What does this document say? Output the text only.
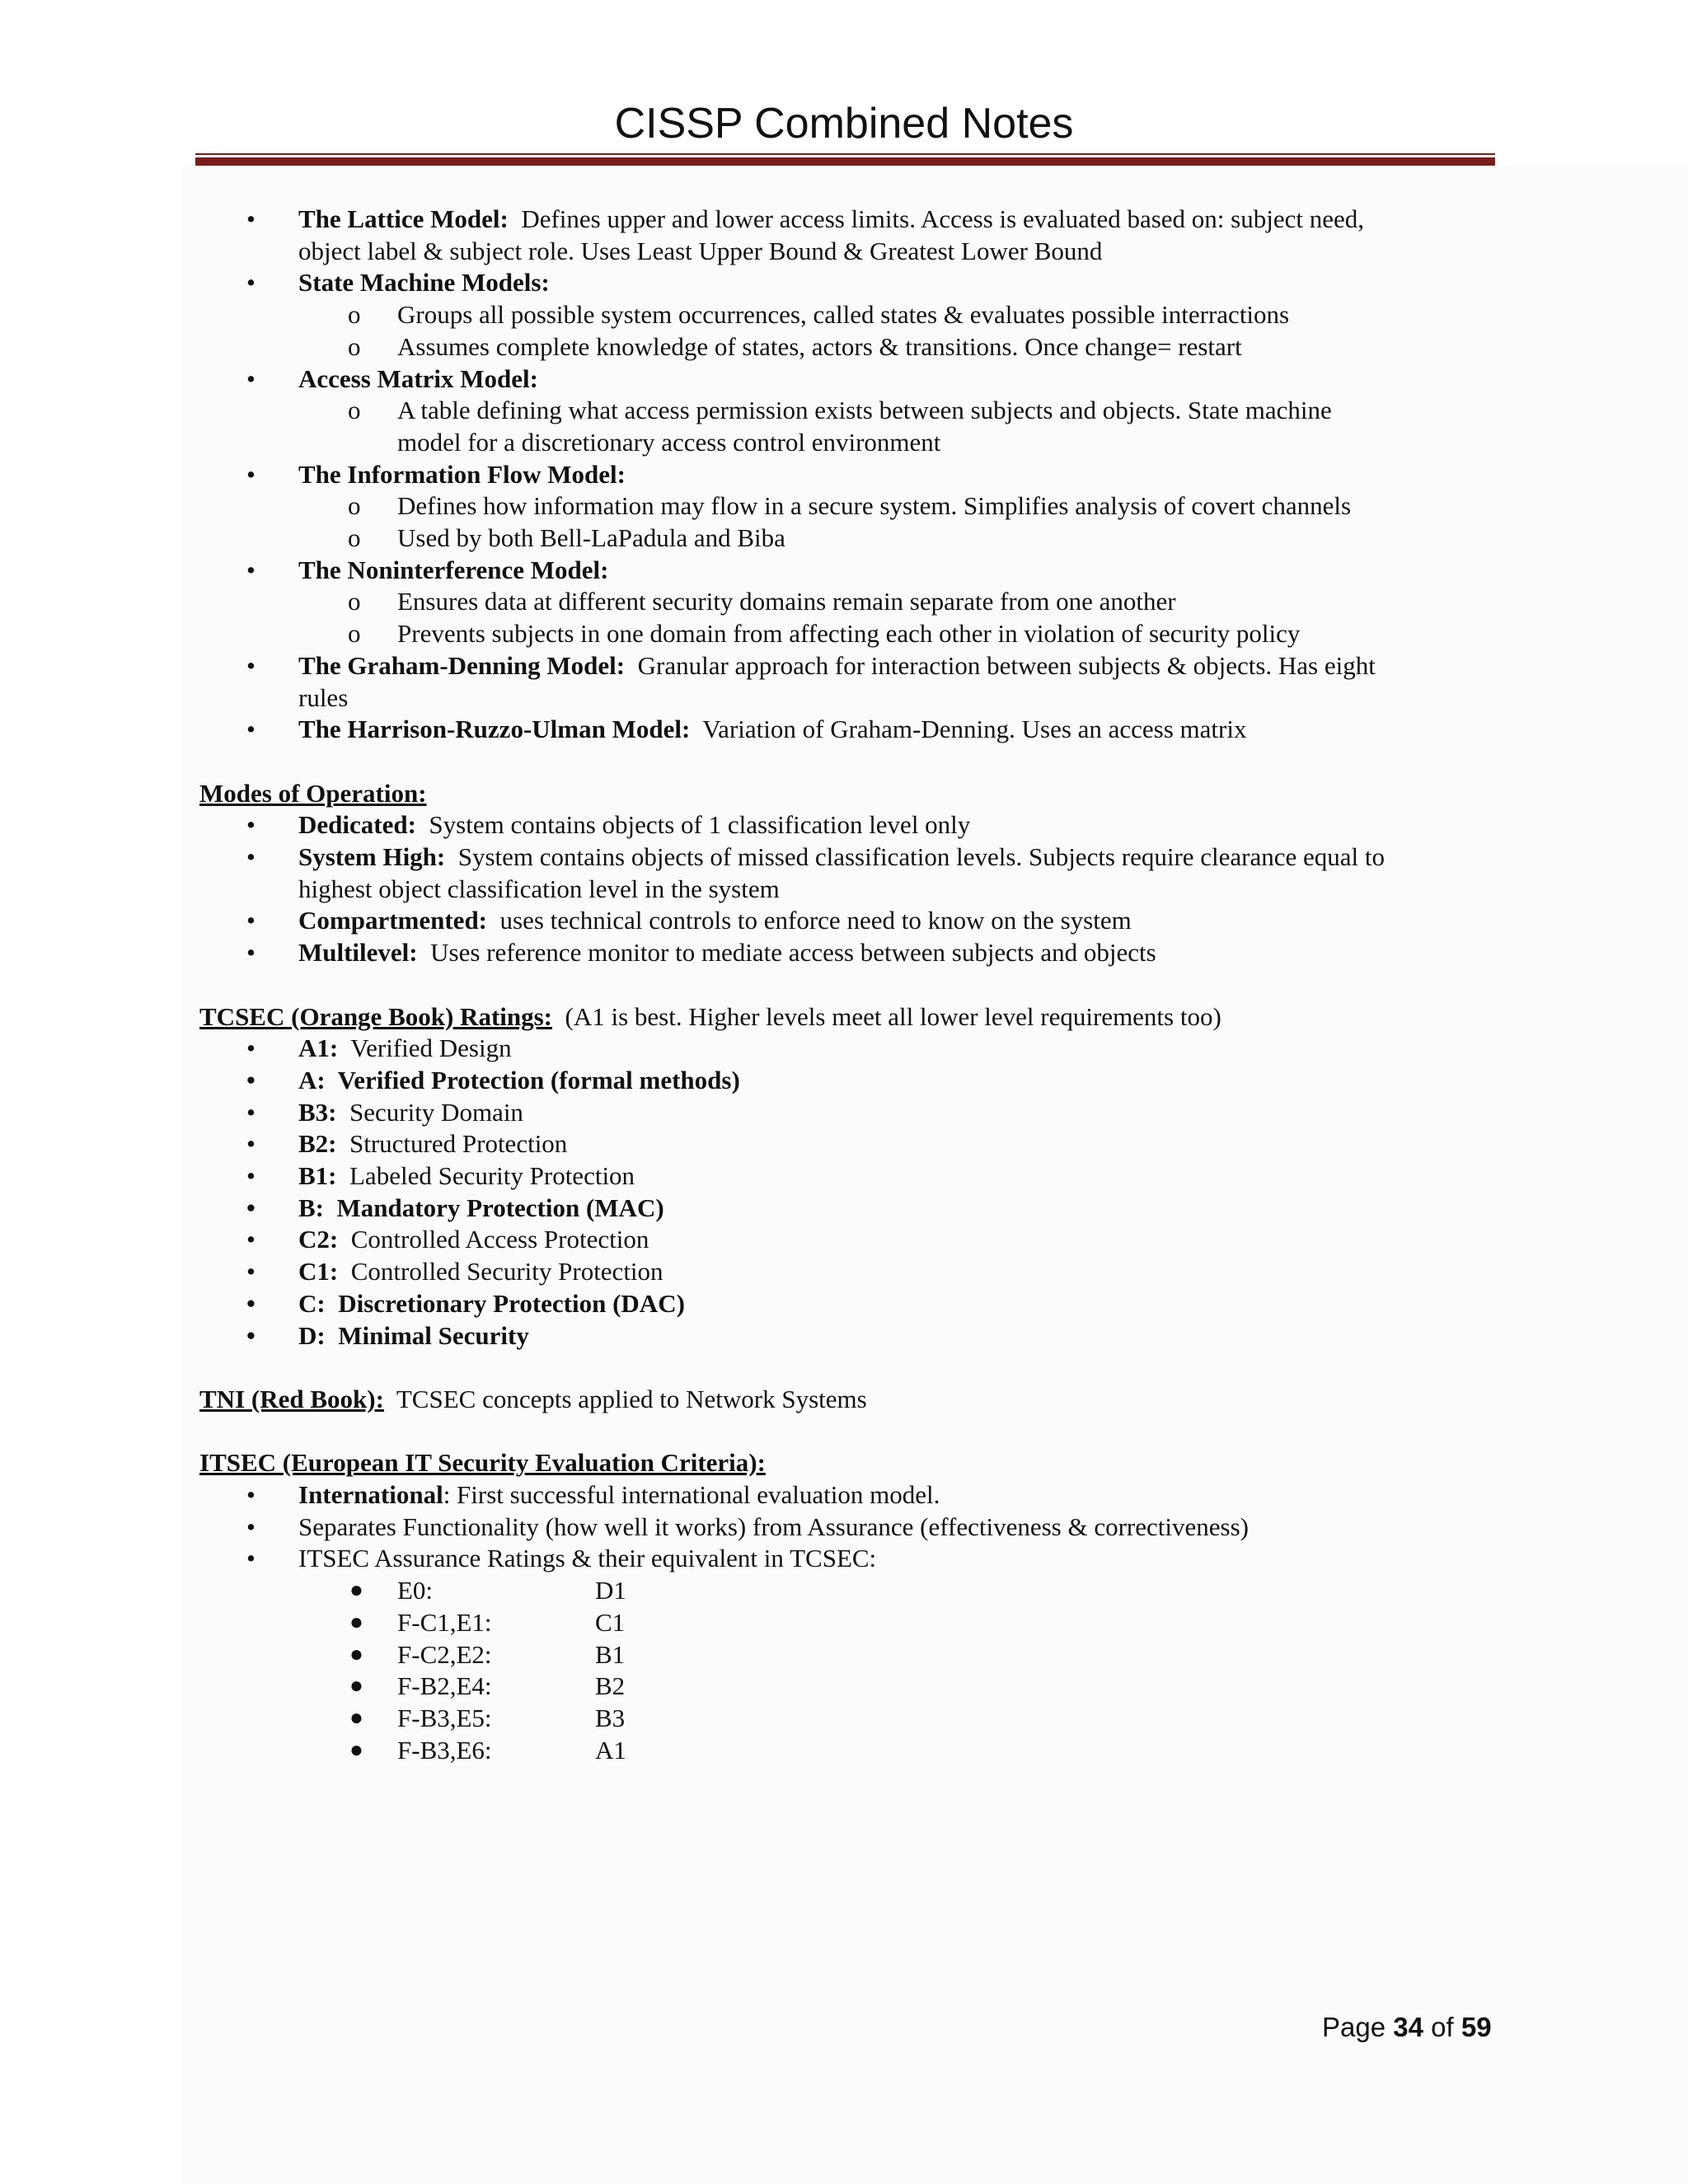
CISSP Combined Notes
• The Lattice Model: Defines upper and lower access limits. Access is evaluated based on: subject need,
object label & subject role. Uses Least Upper Bound & Greatest Lower Bound
• State Machine Models:
o Groups all possible system occurrences, called states & evaluates possible interractions
o Assumes complete knowledge of states, actors & transitions. Once change= restart
• Access Matrix Model:
o A table defining what access permission exists between subjects and objects. State machine
model for a discretionary access control environment
• The Information Flow Model:
o Defines how information may flow in a secure system. Simplifies analysis of covert channels
o Used by both Bell-LaPadula and Biba
• The Noninterference Model:
o Ensures data at different security domains remain separate from one another
o Prevents subjects in one domain from affecting each other in violation of security policy
• The Graham-Denning Model: Granular approach for interaction between subjects & objects. Has eight
rules
• The Harrison-Ruzzo-Ulman Model: Variation of Graham-Denning. Uses an access matrix
Modes of Operation:
• Dedicated: System contains objects of 1 classification level only
• System High: System contains objects of missed classification levels. Subjects require clearance equal to
highest object classification level in the system
• Compartmented: uses technical controls to enforce need to know on the system
• Multilevel: Uses reference monitor to mediate access between subjects and objects
TCSEC (Orange Book) Ratings: (A1 is best. Higher levels meet all lower level requirements too)
• A1: Verified Design
• A: Verified Protection (formal methods)
• B3: Security Domain
• B2: Structured Protection
• B1: Labeled Security Protection
• B: Mandatory Protection (MAC)
• C2: Controlled Access Protection
• C1: Controlled Security Protection
• C: Discretionary Protection (DAC)
• D: Minimal Security
TNI (Red Book): TCSEC concepts applied to Network Systems
ITSEC (European IT Security Evaluation Criteria):
• International: First successful international evaluation model.
• Separates Functionality (how well it works) from Assurance (effectiveness & correctiveness)
• ITSEC Assurance Ratings & their equivalent in TCSEC:
● E0:	D1
● F-C1,E1:	C1
● F-C2,E2:	B1
● F-B2,E4:	B2
● F-B3,E5:	B3
● F-B3,E6:	A1
Page 34 of 59
